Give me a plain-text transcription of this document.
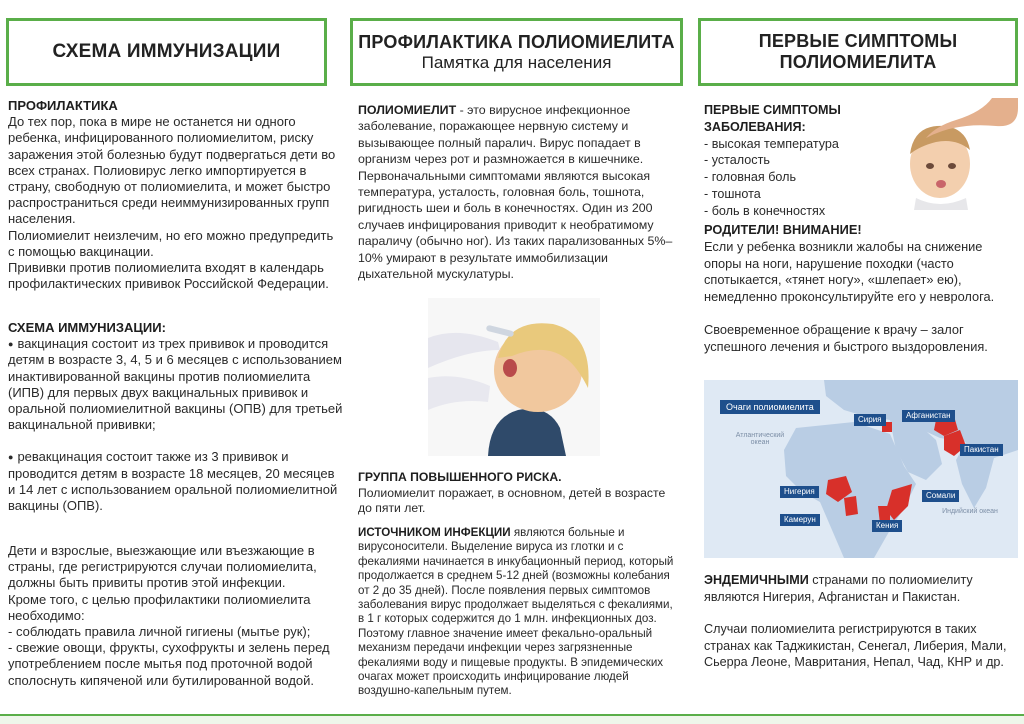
СХЕМА ИММУНИЗАЦИИ

ПРОФИЛАКТИКА

До тех пор, пока в мире не останется ни одного ребенка, инфицированного полиомиелитом, риску заражения этой болезнью будут подвергаться дети во всех странах. Полиовирус легко импортируется в страну, свободную от полиомиелита, и может быстро распространиться среди неиммунизированных групп населения.

Полиомиелит неизлечим, но его можно предупредить с помощью вакцинации.

Прививки против полиомиелита входят в календарь профилактических прививок Российской Федерации.

СХЕМА ИММУНИЗАЦИИ:

● вакцинация состоит из трех прививок и проводится детям в возрасте 3, 4, 5 и 6 месяцев с использованием инактивированной вакцины против полиомиелита (ИПВ) для первых двух вакцинальных прививок и оральной полиомиелитной вакцины (ОПВ) для третьей вакцинальной прививки;

● ревакцинация состоит также из 3 прививок и проводится детям в возрасте 18 месяцев, 20 месяцев и 14 лет с использованием оральной полиомиелитной вакцины (ОПВ).

Дети и взрослые, выезжающие или въезжающие в страны, где регистрируются случаи полиомиелита, должны быть привиты против этой инфекции.

Кроме того, с целью профилактики полиомиелита необходимо:

- соблюдать правила личной гигиены (мытье рук);

- свежие овощи, фрукты, сухофрукты и зелень перед употреблением после мытья под проточной водой сполоснуть кипяченой или бутилированной водой.

ПРОФИЛАКТИКА ПОЛИОМИЕЛИТА
Памятка для населения

ПОЛИОМИЕЛИТ - это вирусное инфекционное заболевание, поражающее нервную систему и вызывающее полный паралич. Вирус попадает в организм через рот и размножается в кишечнике. Первоначальными симптомами являются высокая температура, усталость, головная боль, тошнота, ригидность шеи и боль в конечностях. Один из 200 случаев инфицирования приводит к необратимому параличу (обычно ног). Из таких парализованных 5%–10% умирают в результате иммобилизации дыхательной мускулатуры.

ГРУППА ПОВЫШЕННОГО РИСКА.

Полиомиелит поражает, в основном, детей в возрасте до пяти лет.

ИСТОЧНИКОМ ИНФЕКЦИИ являются больные и вирусоносители. Выделение вируса из глотки и с фекалиями начинается в инкубационный период, который продолжается в среднем 5-12 дней (возможны колебания от 2 до 35 дней). После появления первых симптомов заболевания вирус продолжает выделяться с фекалиями, в 1 г которых содержится до 1 млн. инфекционных доз. Поэтому главное значение имеет фекально-оральный механизм передачи инфекции через загрязненные фекалиями воду и пищевые продукты. В эпидемических очагах может происходить инфицирование людей воздушно-капельным путем.

ПЕРВЫЕ СИМПТОМЫ
ПОЛИОМИЕЛИТА

ПЕРВЫЕ СИМПТОМЫ ЗАБОЛЕВАНИЯ:

- высокая температура
- усталость
- головная боль
- тошнота
- боль в конечностях

РОДИТЕЛИ! ВНИМАНИЕ!

Если у ребенка возникли жалобы на снижение опоры на ноги, нарушение походки (часто спотыкается, «тянет ногу», «шлепает» ею), немедленно проконсультируйте его у невролога.

Своевременное обращение к врачу – залог успешного лечения и быстрого выздоровления.

Очаги полиомиелита
Атлантический океан
Индийский океан
Сирия	Афганистан
Пакистан
Нигерия	Сомали
Камерун
Кения

ЭНДЕМИЧНЫМИ странами по полиомиелиту являются Нигерия, Афганистан и Пакистан.

Случаи полиомиелита регистрируются в таких странах как Таджикистан, Сенегал, Либерия, Мали, Сьерра Леоне, Мавритания, Непал, Чад, КНР и др.
